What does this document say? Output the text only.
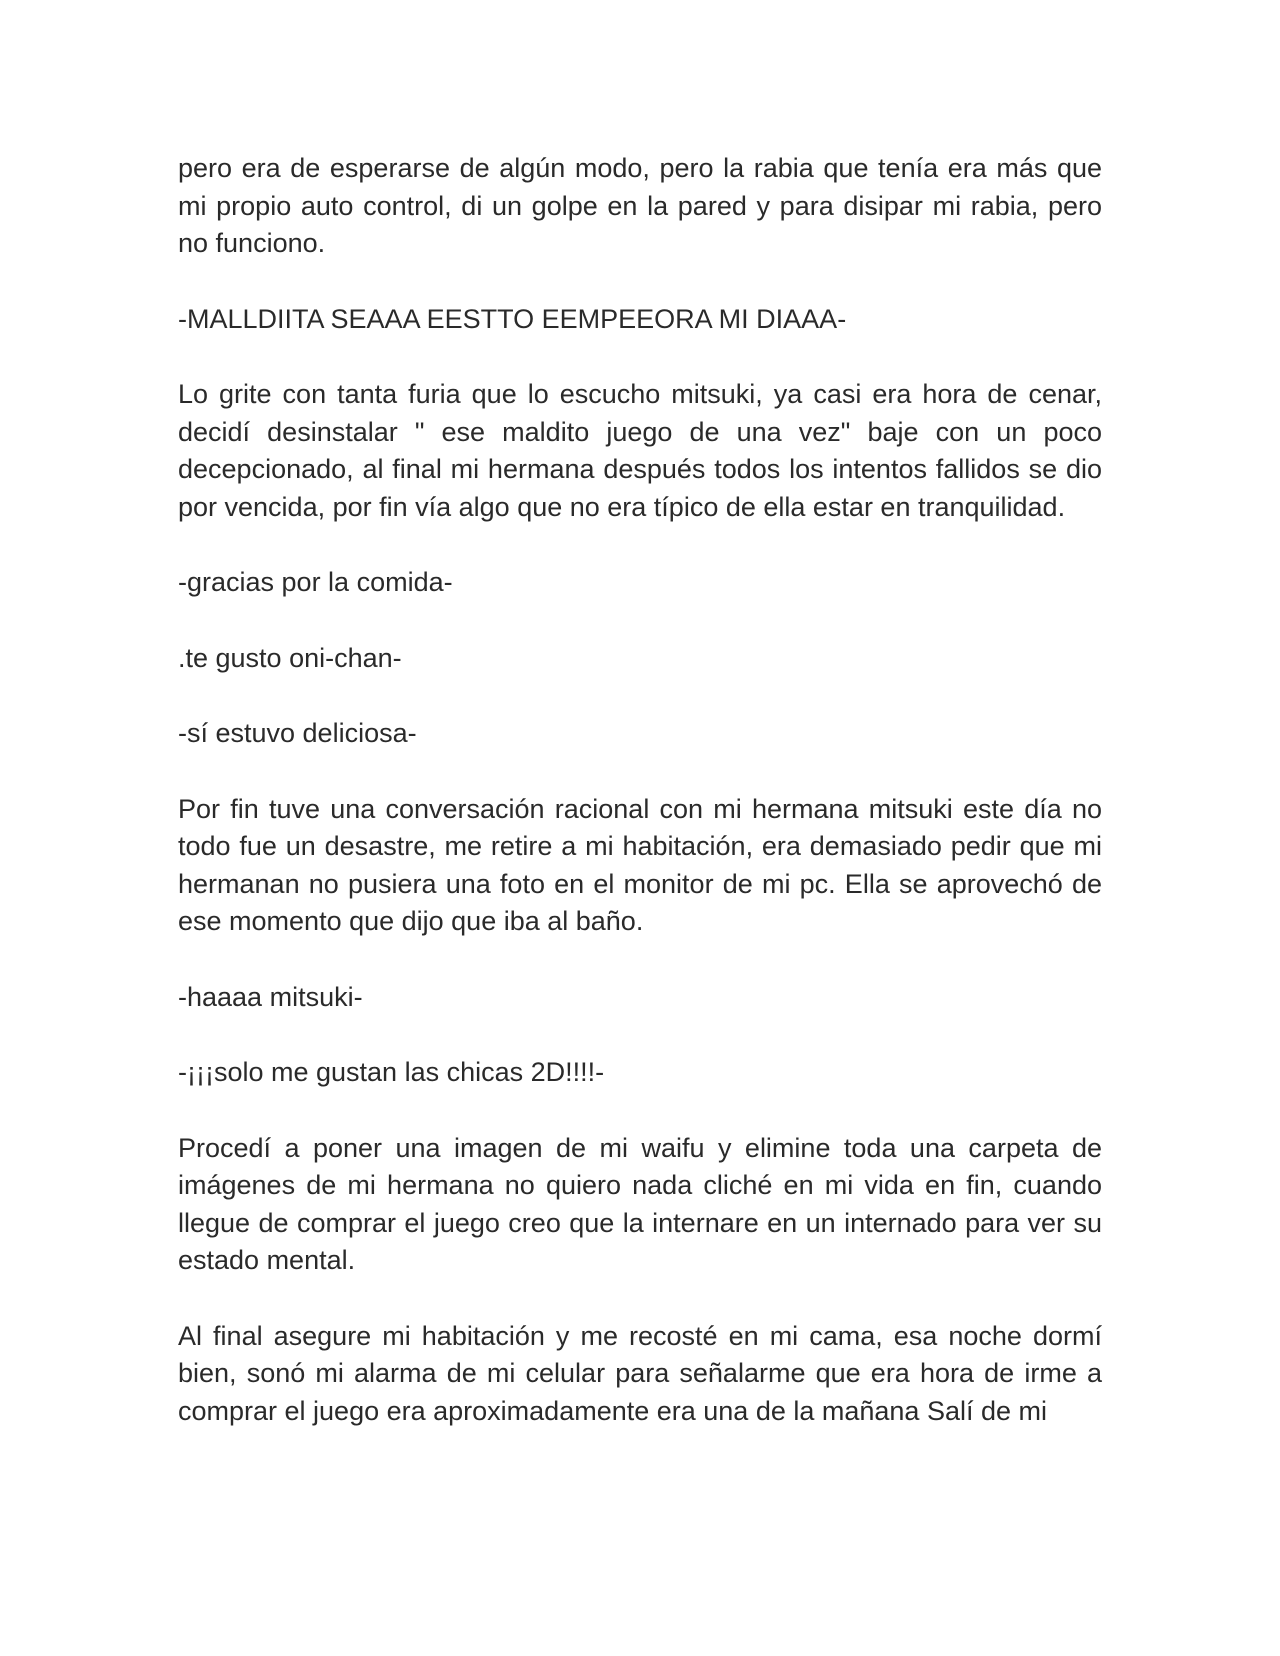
pero era de esperarse de algún modo, pero la rabia que tenía era más que mi propio auto control, di un golpe en la pared y para disipar mi rabia, pero no funciono.

-MALLDIITA SEAAA EESTTO EEMPEEORA MI DIAAA-

Lo grite con tanta furia que lo escucho mitsuki, ya casi era hora de cenar, decidí desinstalar " ese maldito juego de una vez" baje con un poco decepcionado, al final mi hermana después todos los intentos fallidos se dio por vencida, por fin vía algo que no era típico de ella estar en tranquilidad.

-gracias por la comida-

.te gusto oni-chan-

-sí estuvo deliciosa-

Por fin tuve una conversación racional con mi hermana mitsuki este día no todo fue un desastre, me retire a mi habitación, era demasiado pedir que mi hermanan no pusiera una foto en el monitor de mi pc. Ella se aprovechó de ese momento que dijo que iba al baño.

-haaaa mitsuki-

-¡¡¡solo me gustan las chicas 2D!!!!-

Procedí a poner una imagen de mi waifu y elimine toda una carpeta de imágenes de mi hermana no quiero nada cliché en mi vida en fin, cuando llegue de comprar el juego creo que la internare en un internado para ver su estado mental.

Al final asegure mi habitación y me recosté en mi cama, esa noche dormí bien, sonó mi alarma de mi celular para señalarme que era hora de irme a comprar el juego era aproximadamente era una de la mañana Salí de mi
